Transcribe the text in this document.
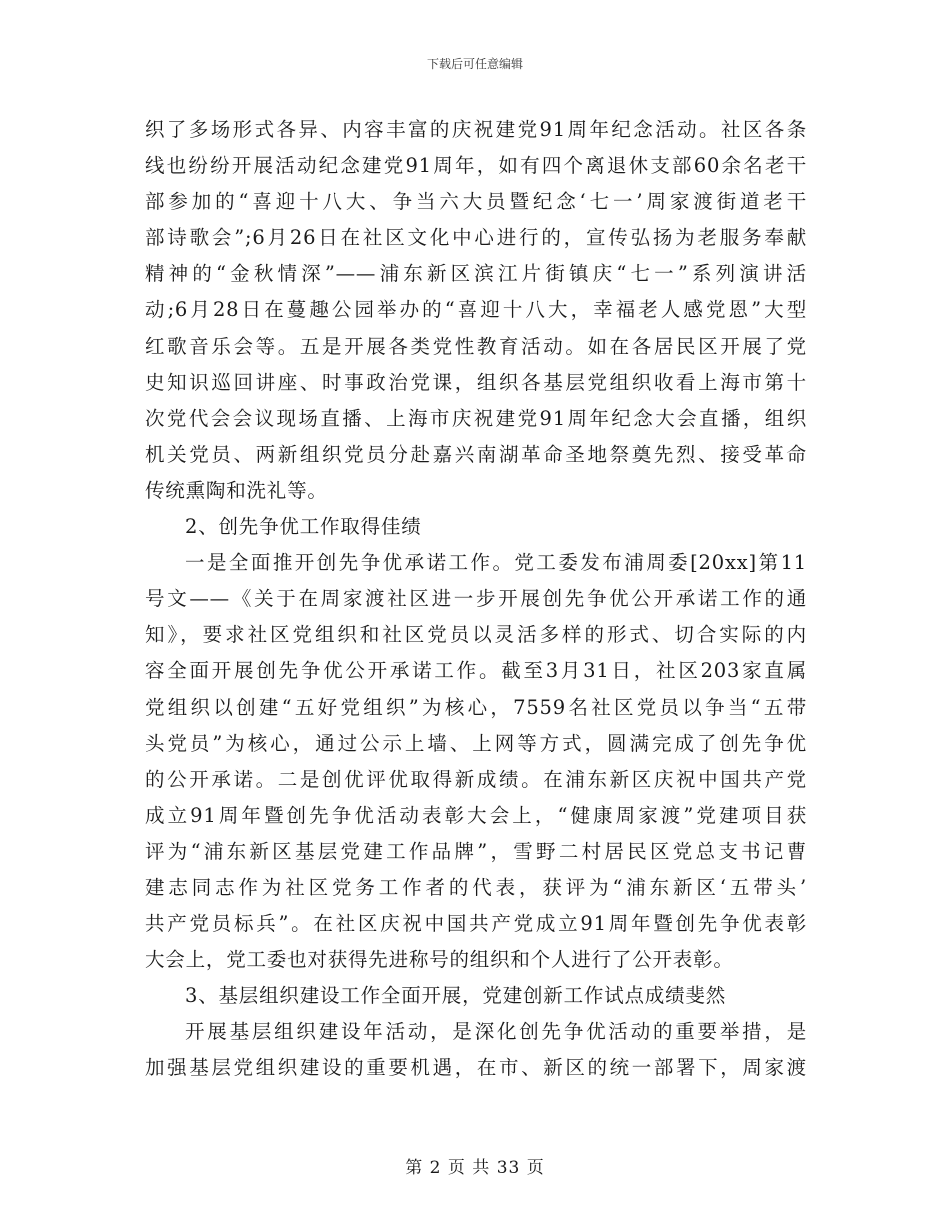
下载后可任意编辑
织了多场形式各异、内容丰富的庆祝建党91周年纪念活动。社区各条
线也纷纷开展活动纪念建党91周年，如有四个离退休支部60余名老干
部参加的“喜迎十八大、争当六大员暨纪念‘七一’周家渡街道老干
部诗歌会”;6月26日在社区文化中心进行的，宣传弘扬为老服务奉献
精神的“金秋情深”——浦东新区滨江片街镇庆“七一”系列演讲活
动;6月28日在蔓趣公园举办的“喜迎十八大，幸福老人感党恩”大型
红歌音乐会等。五是开展各类党性教育活动。如在各居民区开展了党
史知识巡回讲座、时事政治党课，组织各基层党组织收看上海市第十
次党代会会议现场直播、上海市庆祝建党91周年纪念大会直播，组织
机关党员、两新组织党员分赴嘉兴南湖革命圣地祭奠先烈、接受革命
传统熏陶和洗礼等。
2、创先争优工作取得佳绩
一是全面推开创先争优承诺工作。党工委发布浦周委[20xx]第11
号文——《关于在周家渡社区进一步开展创先争优公开承诺工作的通
知》，要求社区党组织和社区党员以灵活多样的形式、切合实际的内
容全面开展创先争优公开承诺工作。截至3月31日，社区203家直属
党组织以创建“五好党组织”为核心，7559名社区党员以争当“五带
头党员”为核心，通过公示上墙、上网等方式，圆满完成了创先争优
的公开承诺。二是创优评优取得新成绩。在浦东新区庆祝中国共产党
成立91周年暨创先争优活动表彰大会上，“健康周家渡”党建项目获
评为“浦东新区基层党建工作品牌”，雪野二村居民区党总支书记曹
建志同志作为社区党务工作者的代表，获评为“浦东新区‘五带头’
共产党员标兵”。在社区庆祝中国共产党成立91周年暨创先争优表彰
大会上，党工委也对获得先进称号的组织和个人进行了公开表彰。
3、基层组织建设工作全面开展，党建创新工作试点成绩斐然
开展基层组织建设年活动，是深化创先争优活动的重要举措，是
加强基层党组织建设的重要机遇，在市、新区的统一部署下，周家渡
第 2 页 共 33 页
